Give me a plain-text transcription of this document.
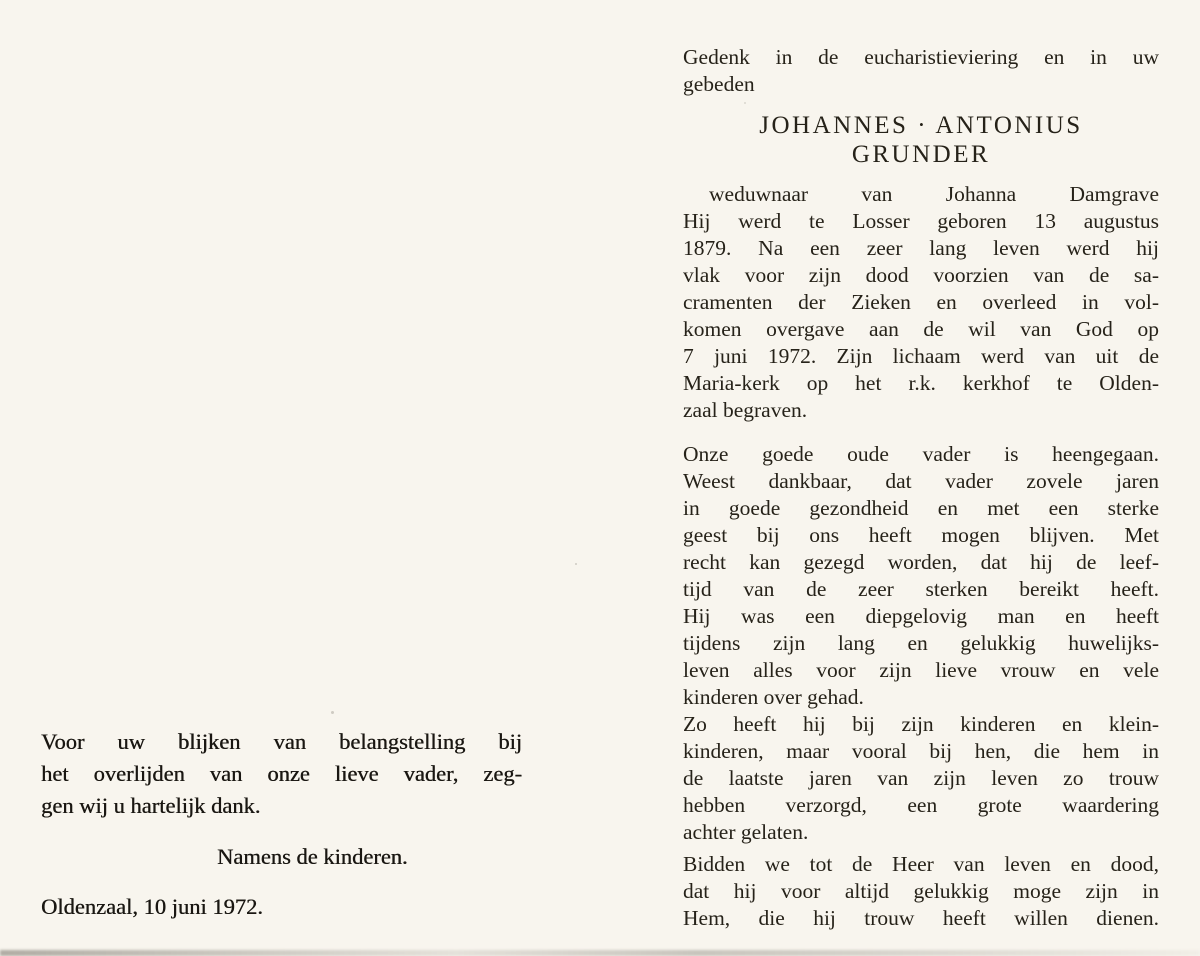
Voor uw blijken van belangstelling bij
het overlijden van onze lieve vader, zeg-
gen wij u hartelijk dank.
Namens de kinderen.
Oldenzaal, 10 juni 1972.
Gedenk in de eucharistieviering en in uw
gebeden
JOHANNES · ANTONIUS
GRUNDER
weduwnaar van Johanna Damgrave
Hij werd te Losser geboren 13 augustus
1879. Na een zeer lang leven werd hij
vlak voor zijn dood voorzien van de sa-
cramenten der Zieken en overleed in vol-
komen overgave aan de wil van God op
7 juni 1972. Zijn lichaam werd van uit de
Maria-kerk op het r.k. kerkhof te Olden-
zaal begraven.
Onze goede oude vader is heengegaan.
Weest dankbaar, dat vader zovele jaren
in goede gezondheid en met een sterke
geest bij ons heeft mogen blijven. Met
recht kan gezegd worden, dat hij de leef-
tijd van de zeer sterken bereikt heeft.
Hij was een diepgelovig man en heeft
tijdens zijn lang en gelukkig huwelijks-
leven alles voor zijn lieve vrouw en vele
kinderen over gehad.
Zo heeft hij bij zijn kinderen en klein-
kinderen, maar vooral bij hen, die hem in
de laatste jaren van zijn leven zo trouw
hebben verzorgd, een grote waardering
achter gelaten.
Bidden we tot de Heer van leven en dood,
dat hij voor altijd gelukkig moge zijn in
Hem, die hij trouw heeft willen dienen.
